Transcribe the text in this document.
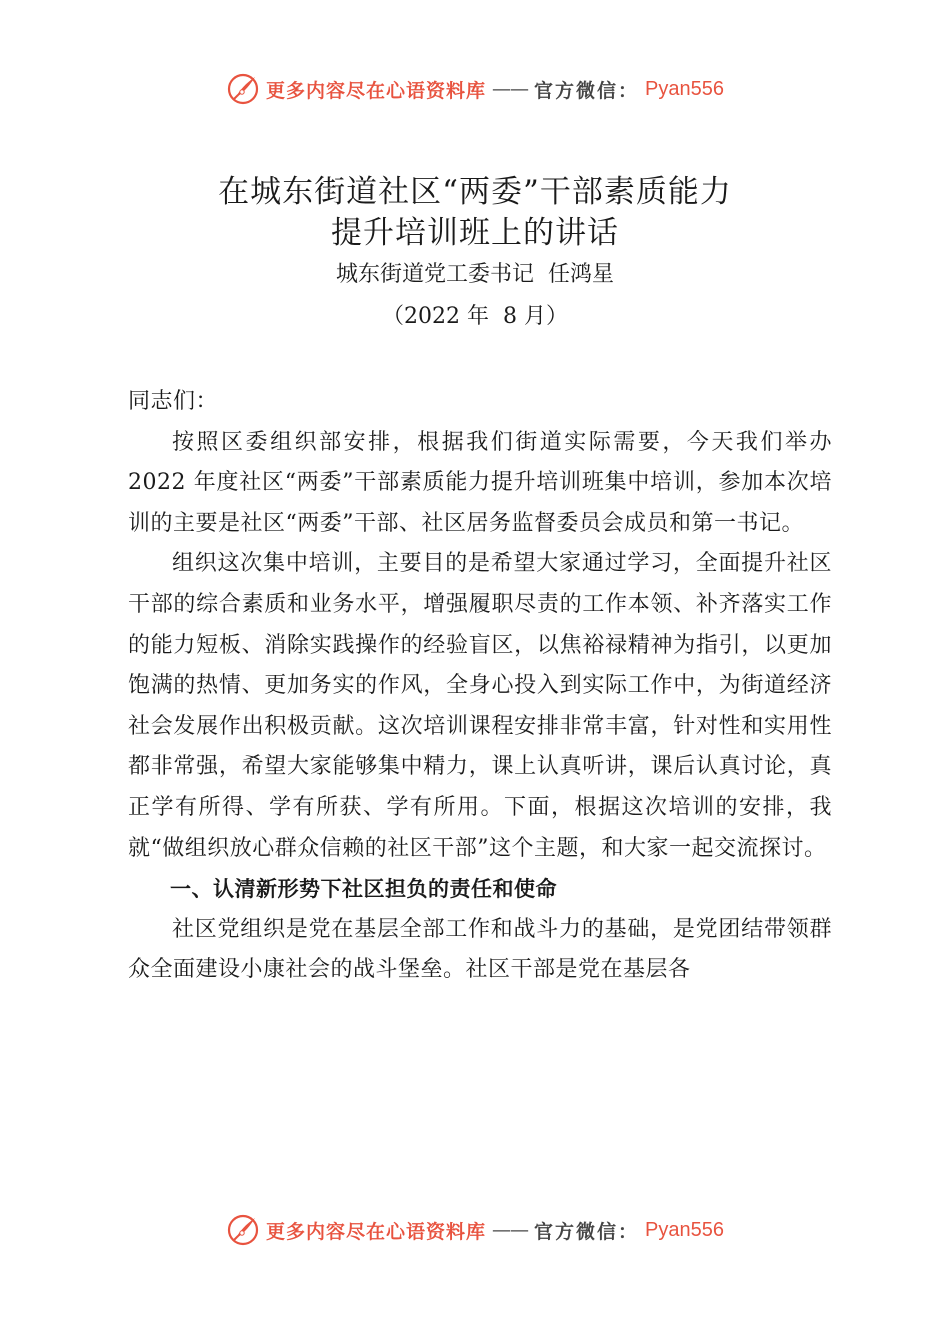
更多内容尽在心语资料库 —— 官方微信： Pyan556
在城东街道社区“两委”干部素质能力
提升培训班上的讲话
城东街道党工委书记  任鸿星
（2022 年  8 月）

同志们：

按照区委组织部安排，根据我们街道实际需要，今天我们举办 2022 年度社区“两委”干部素质能力提升培训班集中培训，参加本次培训的主要是社区“两委”干部、社区居务监督委员会成员和第一书记。

组织这次集中培训，主要目的是希望大家通过学习，全面提升社区干部的综合素质和业务水平，增强履职尽责的工作本领、补齐落实工作的能力短板、消除实践操作的经验盲区，以焦裕禄精神为指引，以更加饱满的热情、更加务实的作风，全身心投入到实际工作中，为街道经济社会发展作出积极贡献。这次培训课程安排非常丰富，针对性和实用性都非常强，希望大家能够集中精力，课上认真听讲，课后认真讨论，真正学有所得、学有所获、学有所用。下面，根据这次培训的安排，我就“做组织放心群众信赖的社区干部”这个主题，和大家一起交流探讨。

一、认清新形势下社区担负的责任和使命

社区党组织是党在基层全部工作和战斗力的基础，是党团结带领群众全面建设小康社会的战斗堡垒。社区干部是党在基层各

更多内容尽在心语资料库 —— 官方微信： Pyan556
